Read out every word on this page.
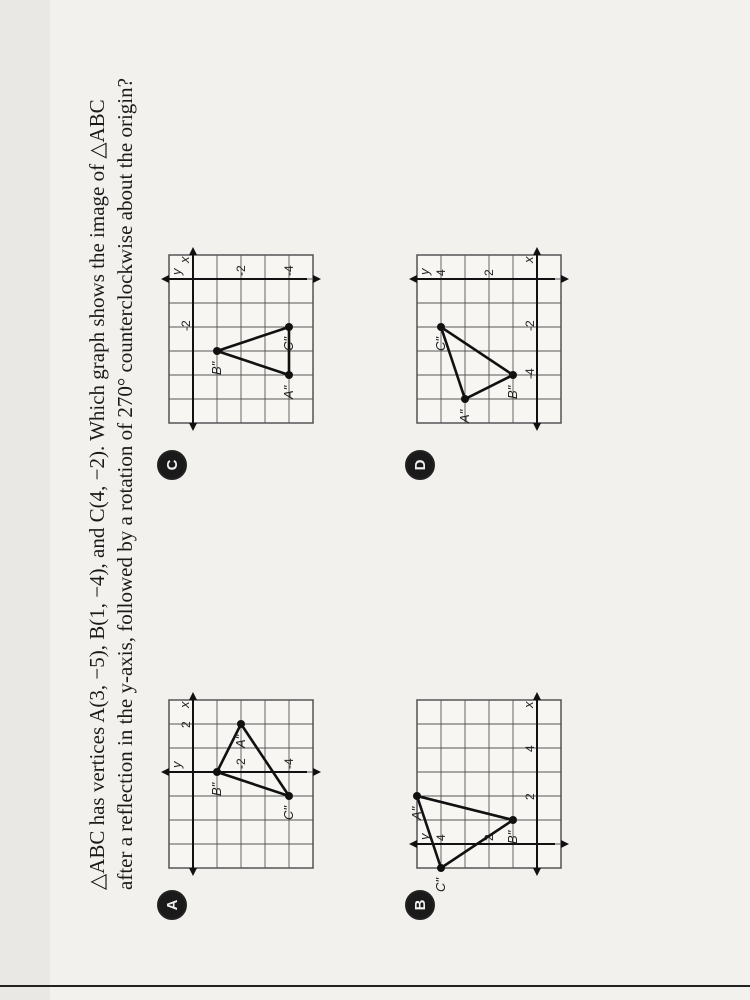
△ABC has vertices A(3, −5), B(1, −4), and C(4, −2). Which graph shows the image of △ABC after a reflection in the y-axis, followed by a rotation of 270° counterclockwise about the origin?
A
x
y
2
-2	-4
B"
A"
C"
B
x
y 4	2
2
4
C"
A"
B"
C
x
y
-2
-2	-4
B"
A"
C"
D
x
y 4	2
-2
-4
C"
A"
B"
